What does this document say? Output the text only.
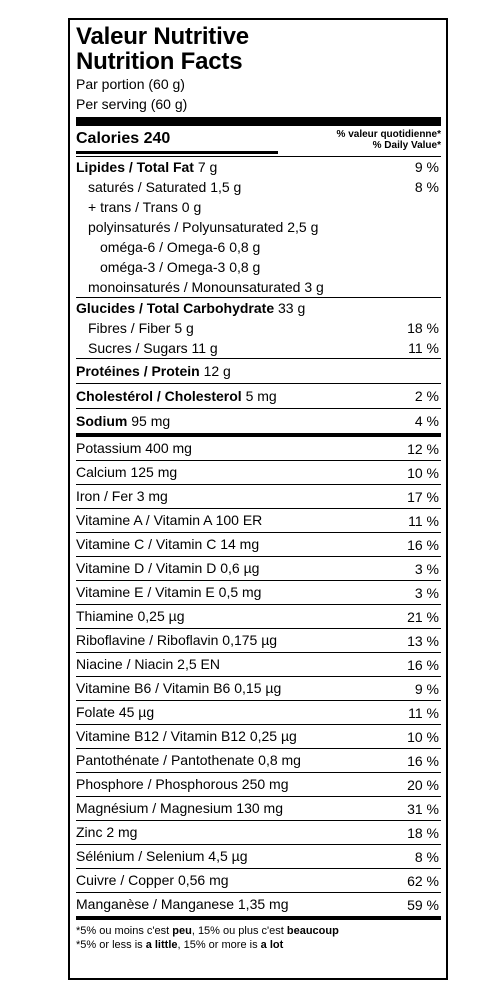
Valeur Nutritive
Nutrition Facts
Par portion (60 g)
Per serving (60 g)
Calories 240	% valeur quotidienne*
% Daily Value*
Lipides / Total Fat 7 g	9 %
saturés / Saturated 1,5 g	8 %
+ trans / Trans 0 g
polyinsaturés / Polyunsaturated 2,5 g
oméga-6 / Omega-6 0,8 g
oméga-3 / Omega-3 0,8 g
monoinsaturés / Monounsaturated 3 g
Glucides / Total Carbohydrate 33 g
Fibres / Fiber 5 g	18 %
Sucres / Sugars 11 g	11 %
Protéines / Protein 12 g
Cholestérol / Cholesterol 5 mg	2 %
Sodium 95 mg	4 %
Potassium 400 mg	12 %
Calcium 125 mg	10 %
Iron / Fer 3 mg	17 %
Vitamine A / Vitamin A 100 ER	11 %
Vitamine C / Vitamin C 14 mg	16 %
Vitamine D / Vitamin D 0,6 µg	3 %
Vitamine E / Vitamin E 0,5 mg	3 %
Thiamine 0,25 µg	21 %
Riboflavine / Riboflavin 0,175 µg	13 %
Niacine / Niacin 2,5 EN	16 %
Vitamine B6 / Vitamin B6 0,15 µg	9 %
Folate 45 µg	11 %
Vitamine B12 / Vitamin B12 0,25 µg	10 %
Pantothénate / Pantothenate 0,8 mg	16 %
Phosphore / Phosphorous 250 mg	20 %
Magnésium / Magnesium 130 mg	31 %
Zinc 2 mg	18 %
Sélénium / Selenium 4,5 µg	8 %
Cuivre / Copper 0,56 mg	62 %
Manganèse / Manganese 1,35 mg	59 %
*5% ou moins c'est peu, 15% ou plus c'est beaucoup
*5% or less is a little, 15% or more is a lot
